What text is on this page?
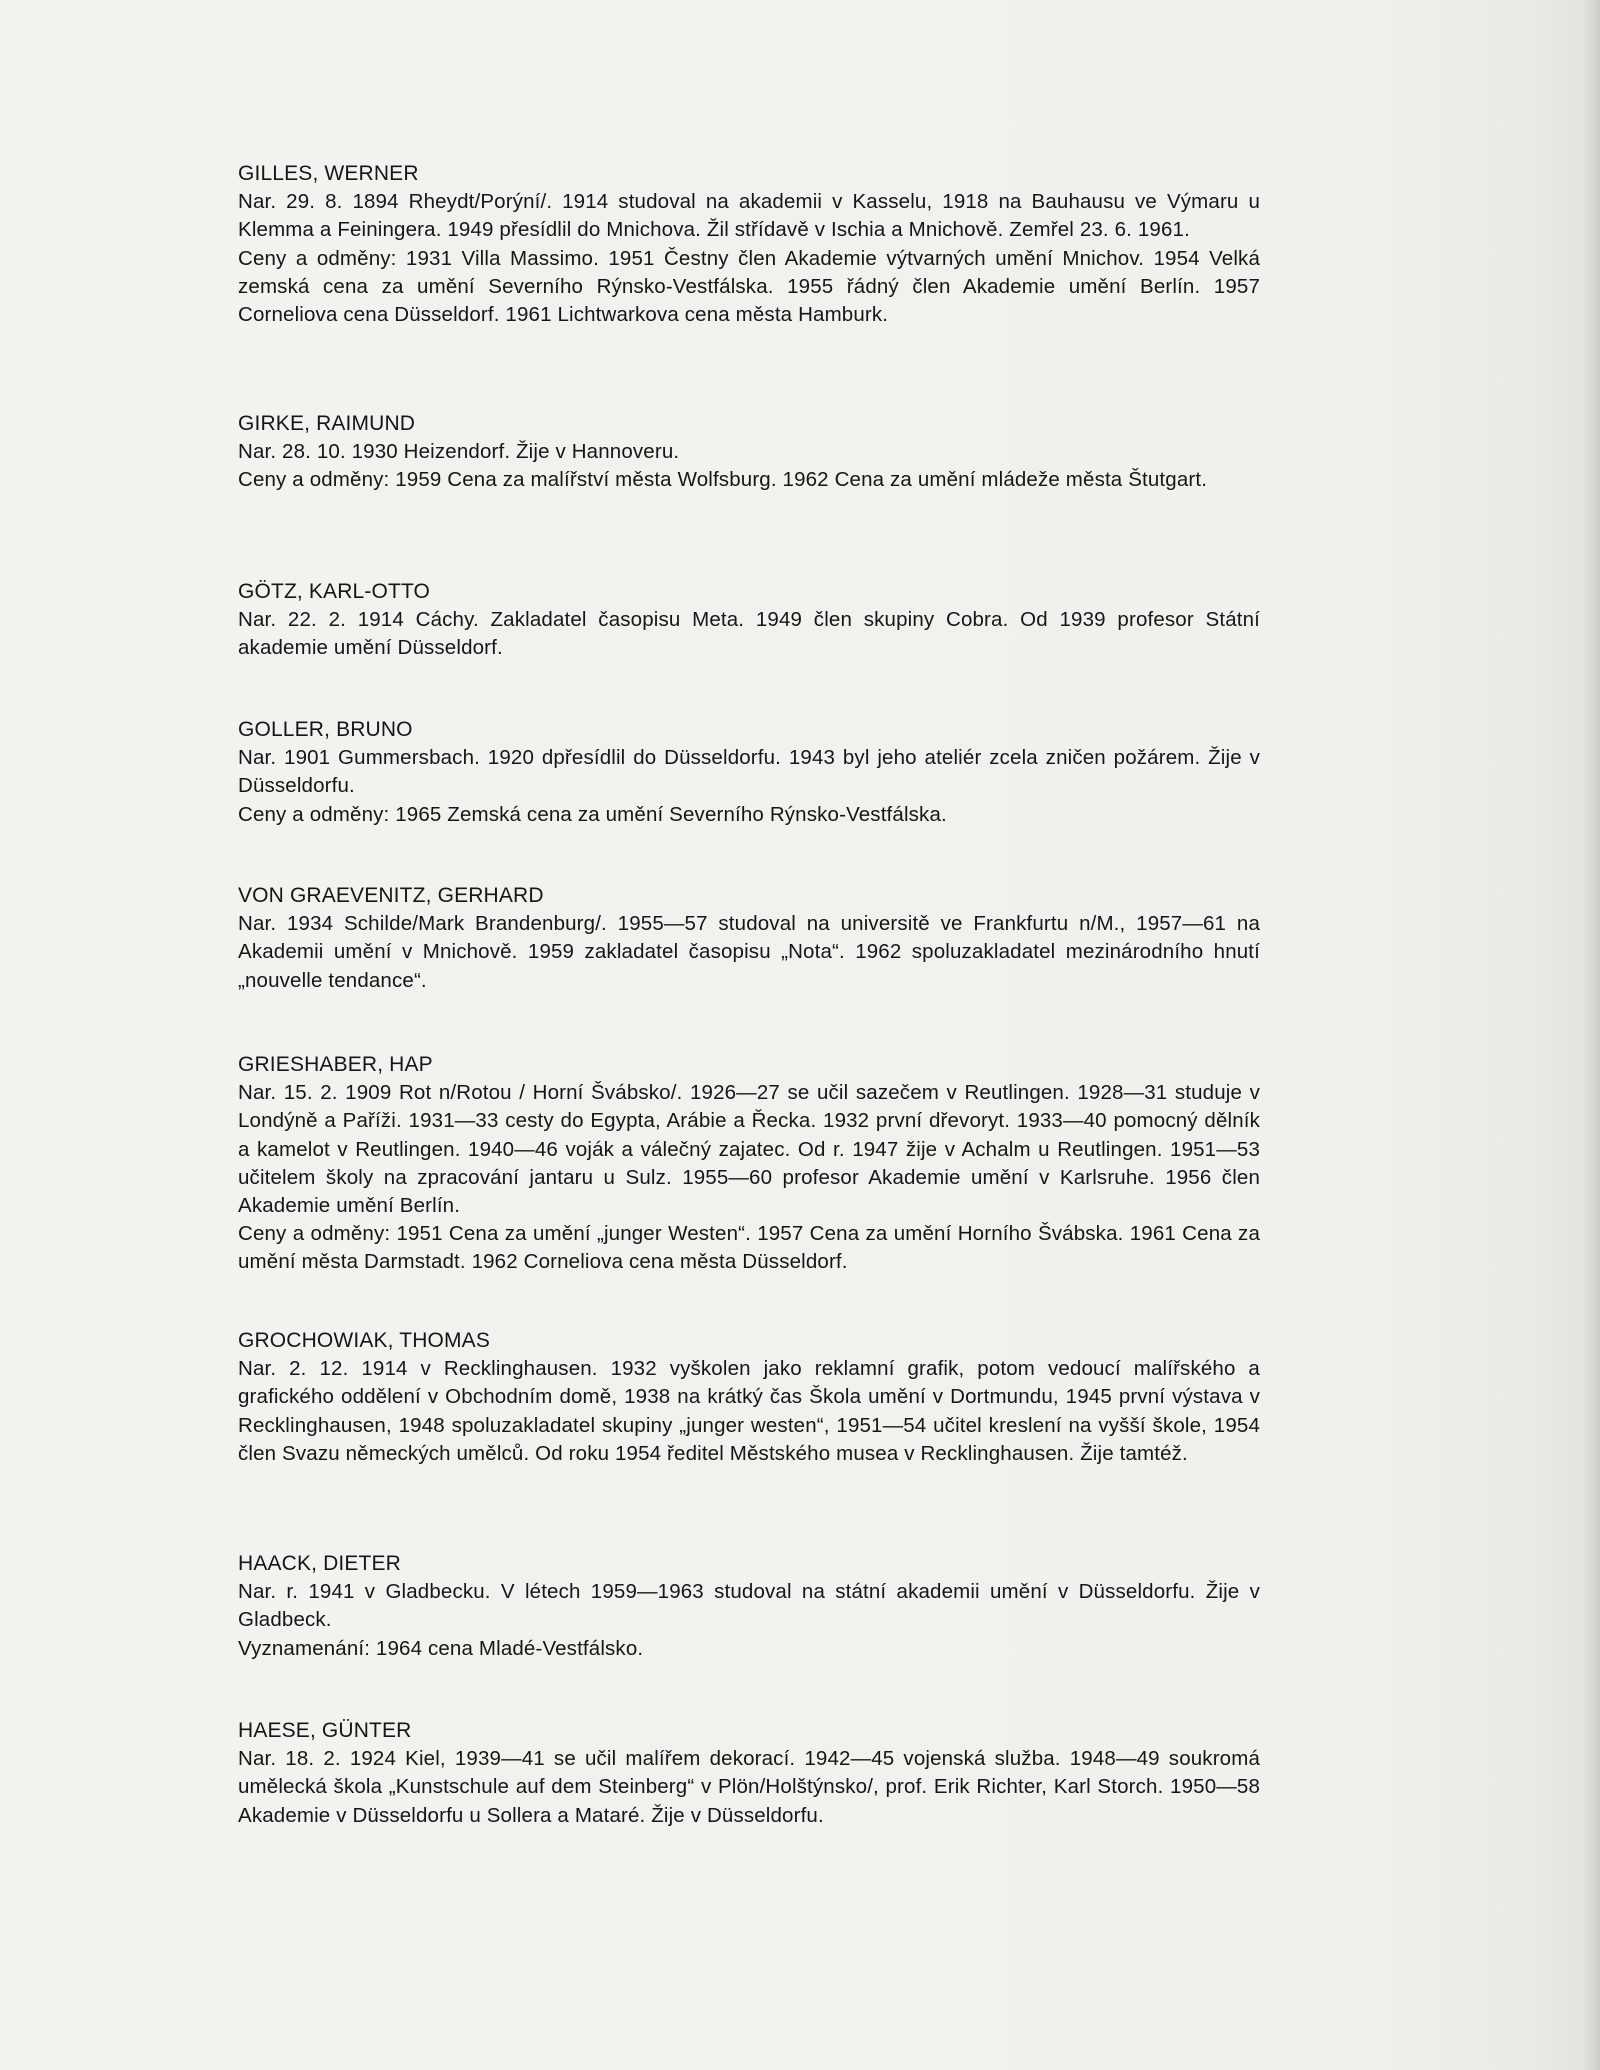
GILLES, WERNER

Nar. 29. 8. 1894 Rheydt/Porýní/. 1914 studoval na akademii v Kasselu, 1918 na Bauhausu ve Výmaru u Klemma a Feiningera. 1949 přesídlil do Mnichova. Žil střídavě v Ischia a Mnichově. Zemřel 23. 6. 1961.

Ceny a odměny: 1931 Villa Massimo. 1951 Čestny člen Akademie výtvarných umění Mnichov. 1954 Velká zemská cena za umění Severního Rýnsko-Vestfálska. 1955 řádný člen Akademie umění Berlín. 1957 Corneliova cena Düsseldorf. 1961 Lichtwarkova cena města Hamburk.

GIRKE, RAIMUND

Nar. 28. 10. 1930 Heizendorf. Žije v Hannoveru.

Ceny a odměny: 1959 Cena za malířství města Wolfsburg. 1962 Cena za umění mládeže města Štutgart.

GÖTZ, KARL-OTTO

Nar. 22. 2. 1914 Cáchy. Zakladatel časopisu Meta. 1949 člen skupiny Cobra. Od 1939 profesor Státní akademie umění Düsseldorf.

GOLLER, BRUNO

Nar. 1901 Gummersbach. 1920 dpřesídlil do Düsseldorfu. 1943 byl jeho ateliér zcela zničen požárem. Žije v Düsseldorfu.

Ceny a odměny: 1965 Zemská cena za umění Severního Rýnsko-Vestfálska.

VON GRAEVENITZ, GERHARD

Nar. 1934 Schilde/Mark Brandenburg/. 1955—57 studoval na universitě ve Frankfurtu n/M., 1957—61 na Akademii umění v Mnichově. 1959 zakladatel časopisu „Nota“. 1962 spoluzakladatel mezinárodního hnutí „nouvelle tendance“.

GRIESHABER, HAP

Nar. 15. 2. 1909 Rot n/Rotou / Horní Švábsko/. 1926—27 se učil sazečem v Reutlingen. 1928—31 studuje v Londýně a Paříži. 1931—33 cesty do Egypta, Arábie a Řecka. 1932 první dřevoryt. 1933—40 pomocný dělník a kamelot v Reutlingen. 1940—46 voják a válečný zajatec. Od r. 1947 žije v Achalm u Reutlingen. 1951—53 učitelem školy na zpracování jantaru u Sulz. 1955—60 profesor Akademie umění v Karlsruhe. 1956 člen Akademie umění Berlín.

Ceny a odměny: 1951 Cena za umění „junger Westen“. 1957 Cena za umění Horního Švábska. 1961 Cena za umění města Darmstadt. 1962 Corneliova cena města Düsseldorf.

GROCHOWIAK, THOMAS

Nar. 2. 12. 1914 v Recklinghausen. 1932 vyškolen jako reklamní grafik, potom vedoucí malířského a grafického oddělení v Obchodním domě, 1938 na krátký čas Škola umění v Dortmundu, 1945 první výstava v Recklinghausen, 1948 spoluzakladatel skupiny „junger westen“, 1951—54 učitel kreslení na vyšší škole, 1954 člen Svazu německých umělců. Od roku 1954 ředitel Městského musea v Recklinghausen. Žije tamtéž.

HAACK, DIETER

Nar. r. 1941 v Gladbecku. V létech 1959—1963 studoval na státní akademii umění v Düsseldorfu. Žije v Gladbeck.

Vyznamenání: 1964 cena Mladé-Vestfálsko.

HAESE, GÜNTER

Nar. 18. 2. 1924 Kiel, 1939—41 se učil malířem dekorací. 1942—45 vojenská služba. 1948—49 soukromá umělecká škola „Kunstschule auf dem Steinberg“ v Plön/Holštýnsko/, prof. Erik Richter, Karl Storch. 1950—58 Akademie v Düsseldorfu u Sollera a Mataré. Žije v Düsseldorfu.
